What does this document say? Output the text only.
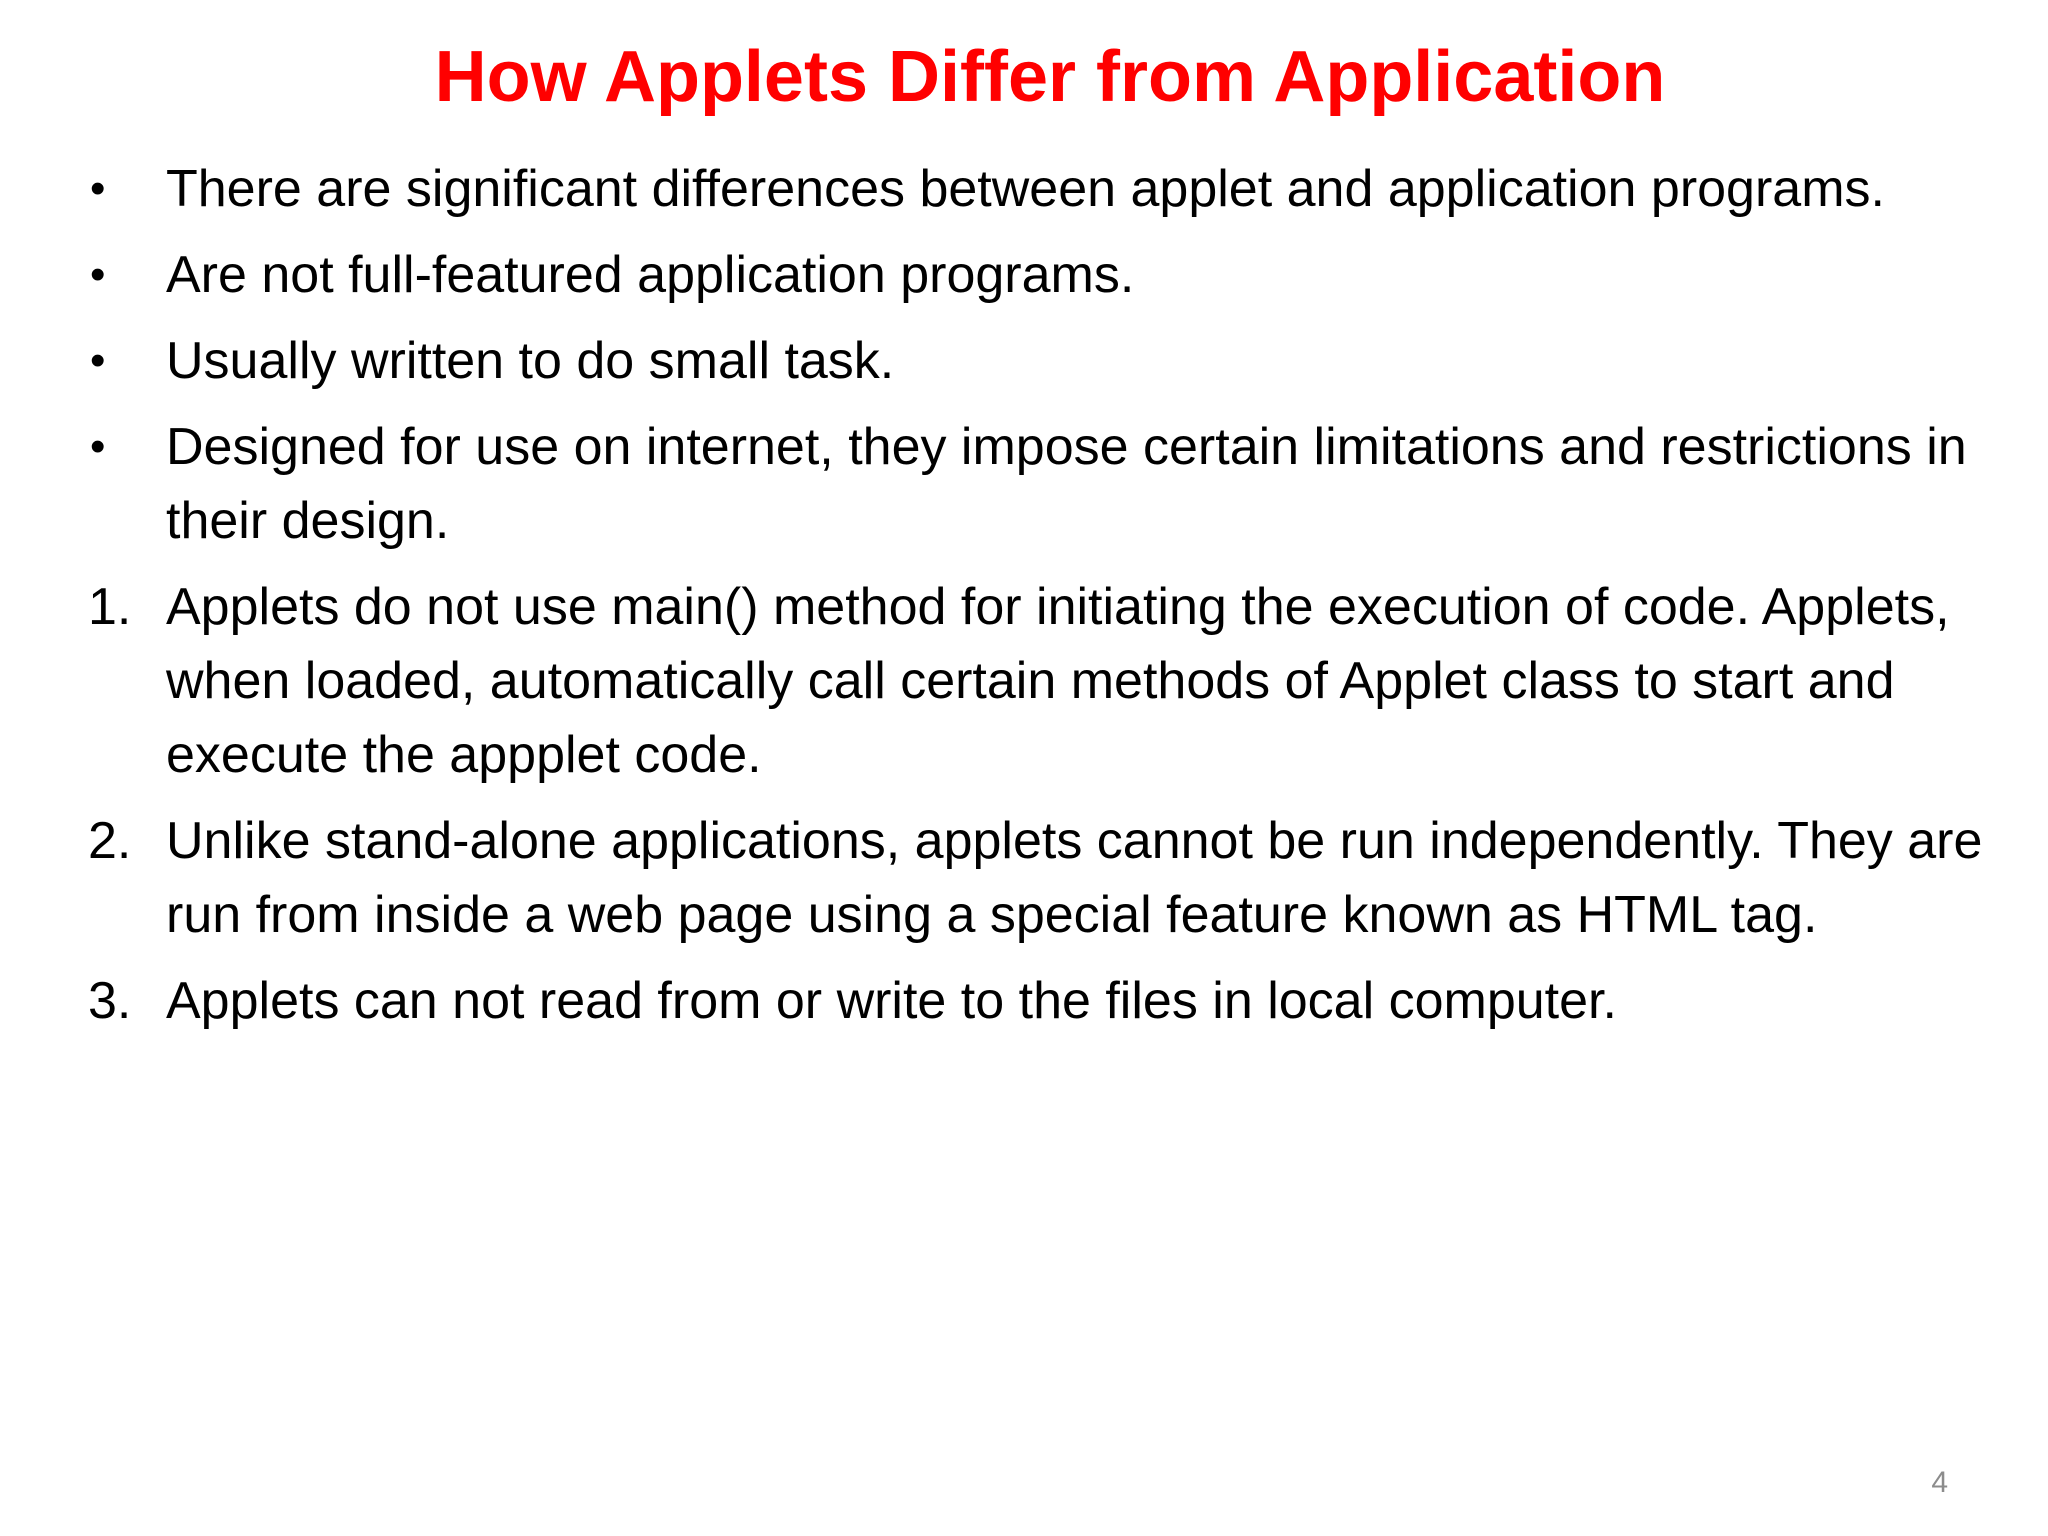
How Applets Differ from Application
•	There are significant differences between applet and application programs.
•	Are not full-featured application programs.
•	Usually written to do small task.
•	Designed for use on internet, they impose certain limitations and restrictions in their design.
1. Applets do not use main() method for initiating the execution of code. Applets, when loaded, automatically call certain methods of Applet class to start and execute the appplet code.
2. Unlike stand-alone applications, applets cannot be run independently. They are run from inside a web page using a special feature known as HTML tag.
3. Applets can not read from or write to the files in local computer.
4
